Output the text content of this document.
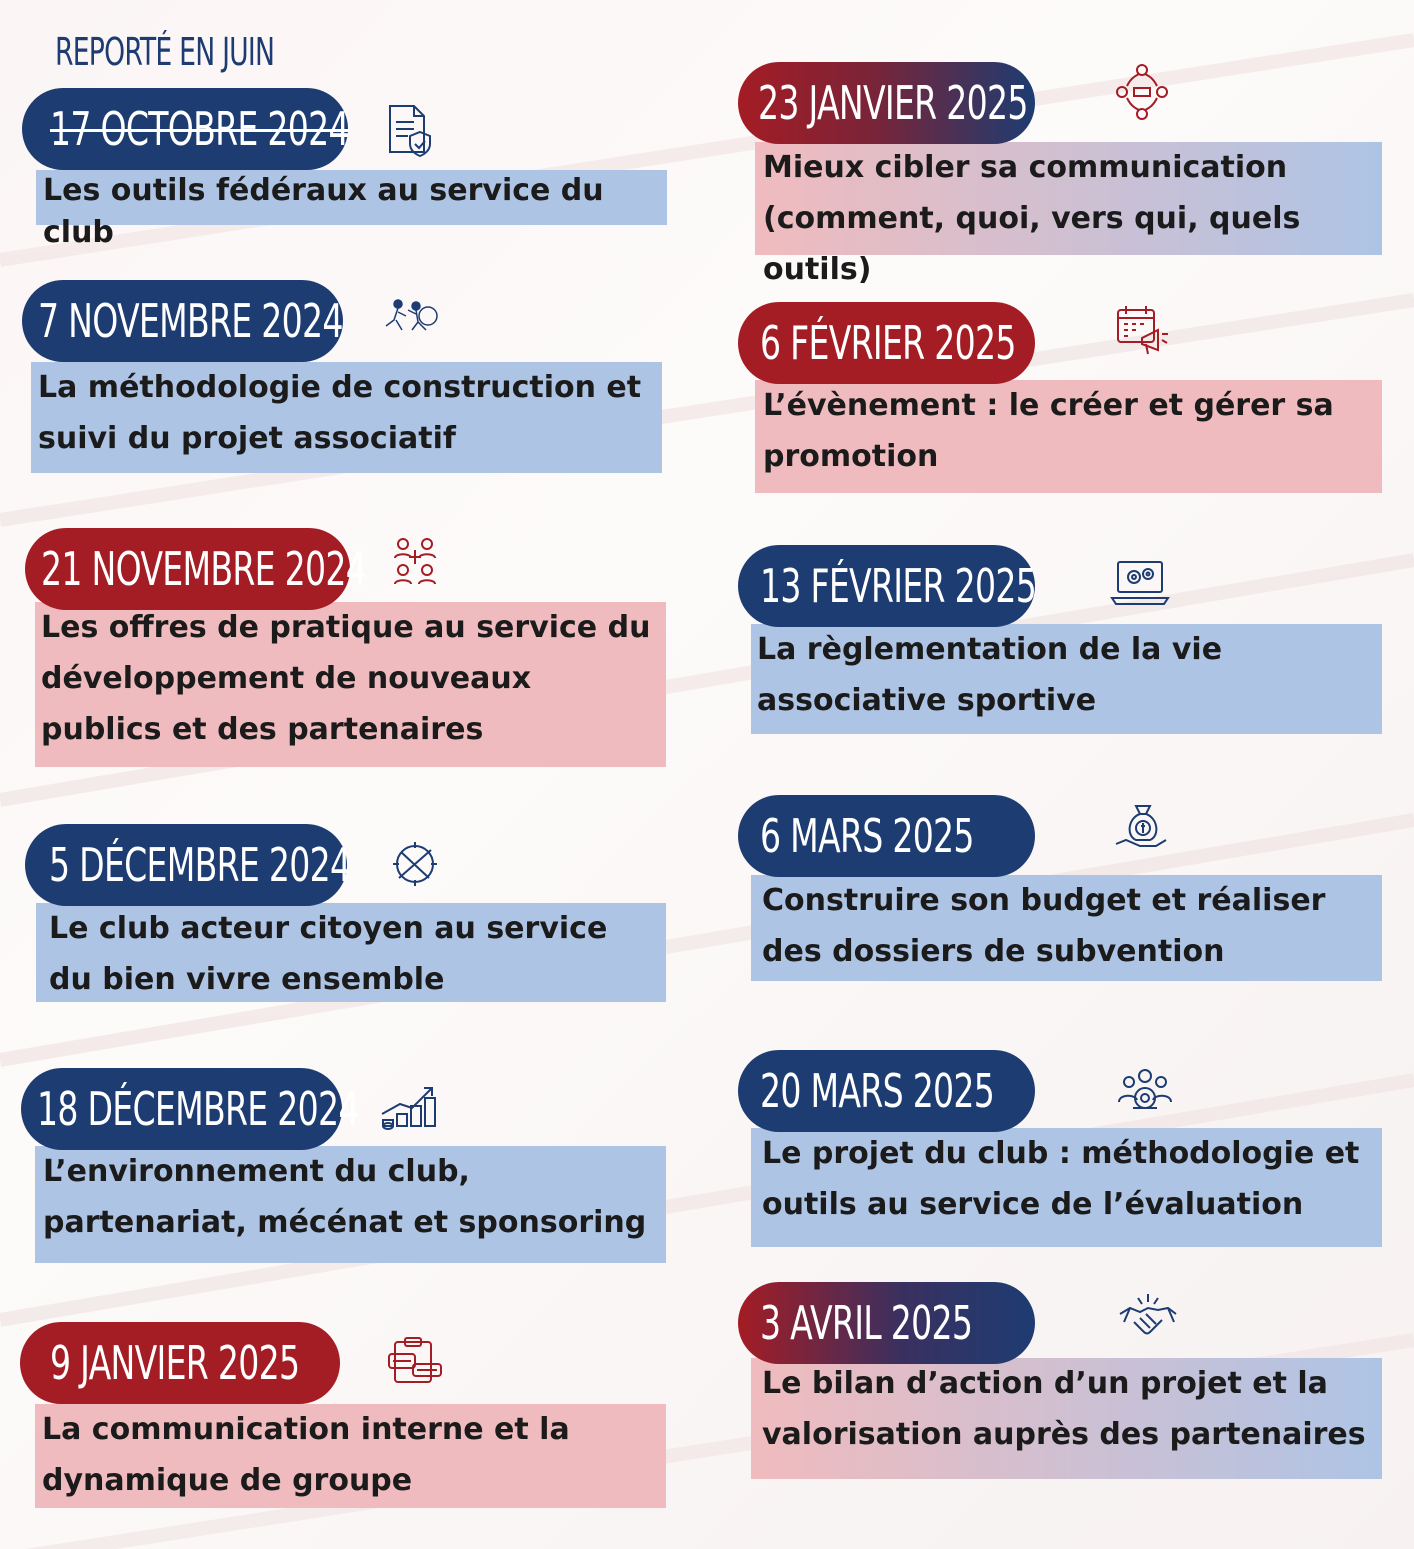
REPORTÉ EN JUIN
17 OCTOBRE 2024
Les outils fédéraux au service du club
7 NOVEMBRE 2024
La méthodologie de construction et suivi du projet associatif
21 NOVEMBRE 2024
Les offres de pratique au service du développement de nouveaux publics et des partenaires
5 DÉCEMBRE 2024
Le club acteur citoyen au service du bien vivre ensemble
18 DÉCEMBRE 2024
L’environnement du club, partenariat, mécénat et sponsoring
9 JANVIER 2025
La communication interne et la dynamique de groupe
23 JANVIER 2025
Mieux cibler sa communication (comment, quoi, vers qui, quels outils)
6 FÉVRIER 2025
L’évènement : le créer et gérer sa promotion
13 FÉVRIER 2025
La règlementation de la vie associative sportive
6 MARS 2025
Construire son budget et réaliser des dossiers de subvention
20 MARS 2025
Le projet du club : méthodologie et outils au service de l’évaluation
3 AVRIL 2025
Le bilan d’action d’un projet et la valorisation auprès des partenaires
